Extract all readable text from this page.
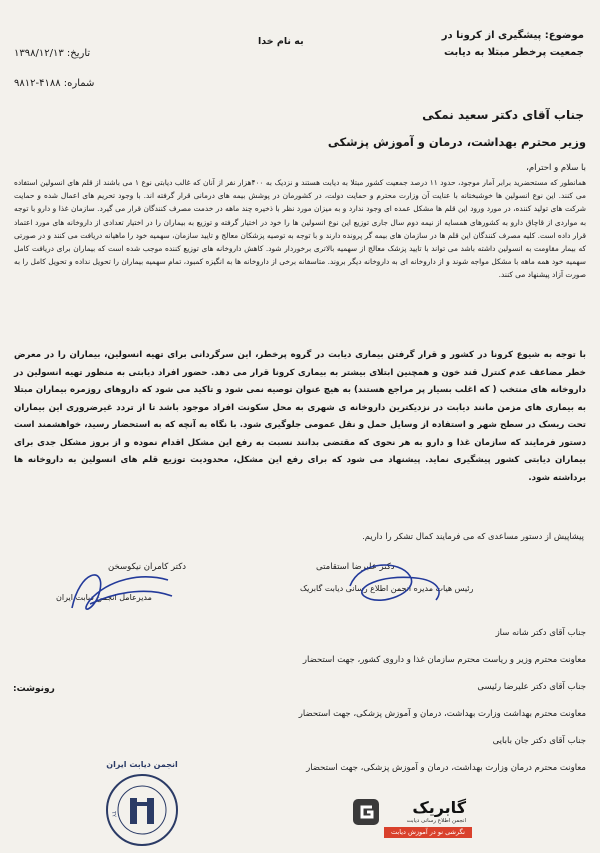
موضوع: پیشگیری از کرونا در
جمعیت پرخطر مبتلا به دیابت
به نام خدا
تاریخ: ۱۳۹۸/۱۲/۱۳
شماره: ۴۱۸۸-۹۸۱۲
جناب آقای دکتر سعید نمکی
وزیر محترم بهداشت، درمان و آموزش پزشکی
با سلام و احترام،
همانطور که مستحضرید برابر آمار موجود، حدود ۱۱ درصد جمعیت کشور مبتلا به دیابت هستند و نزدیک به ۴۰۰هزار نفر از آنان که غالب دیابتی نوع ۱ می باشند از قلم های انسولین استفاده می کنند. این نوع انسولین ها خوشبختانه با عنایت آن وزارت محترم و حمایت دولت، در کشورمان در پوشش بیمه های درمانی قرار گرفته اند. با وجود تحریم های اعمال شده و حمایت شرکت های تولید کننده، در مورد ورود این قلم ها مشکل عمده ای وجود ندارد و به میزان مورد نظر با ذخیره چند ماهه در خدمت مصرف کنندگان قرار می گیرد. سازمان غذا و دارو با توجه به مواردی از قاچاق دارو به کشورهای همسایه از نیمه دوم سال جاری توزیع این نوع انسولین ها را خود در اختیار گرفته و توزیع به بیماران را در اختیار تعدادی از داروخانه های مورد اعتماد قرار داده است. کلیه مصرف کنندگان این قلم ها در سازمان های بیمه گر پرونده دارند و با توجه به توصیه پزشکان معالج و تایید سازمان، سهمیه خود را ماهیانه دریافت می کنند و در صورتی که بیمار مقاومت به انسولین داشته باشد می تواند با تایید پزشک معالج از سهمیه بالاتری برخوردار شود. کاهش داروخانه های توزیع کننده موجب شده است که بیماران برای دریافت کامل سهمیه خود همه ماهه با مشکل مواجه شوند و از داروخانه ای به داروخانه دیگر بروند. متاسفانه برخی از داروخانه ها به انگیزه کمبود، تمام سهمیه بیماران را تحویل نداده و تحویل کامل را به صورت آزاد پیشنهاد می کنند.
با توجه به شیوع کرونا در کشور و قرار گرفتن بیماری دیابت در گروه پرخطر، این سرگردانی برای تهیه انسولین، بیماران را در معرض خطر مضاعف عدم کنترل قند خون و همچنین ابتلای بیشتر به بیماری کرونا قرار می دهد. حضور افراد دیابتی به منظور تهیه انسولین در داروخانه های منتخب ( که اغلب بسیار پر مراجع هستند) به هیچ عنوان توصیه نمی شود و تاکید می شود که داروهای روزمره بیماران مبتلا به بیماری های مزمن مانند دیابت در نزدیکترین داروخانه ی شهری به محل سکونت افراد موجود باشد تا از تردد غیرضروری این بیماران تحت ریسک در سطح شهر و استفاده از وسایل حمل و نقل عمومی جلوگیری شود. با نگاه به آنچه که به استحضار رسید، خواهشمند است دستور فرمایند که سازمان غذا و دارو به هر نحوی که مقتضی بدانند نسبت به رفع این مشکل اقدام نموده و از بروز مشکل جدی برای بیماران دیابتی کشور پیشگیری نماید. پیشنهاد می شود که برای رفع این مشکل، محدودیت توزیع قلم های انسولین به داروخانه ها برداشته شود.
پیشاپیش از دستور مساعدی که می فرمایند کمال تشکر را داریم.
دکتر کامران نیکوسخن
مدیرعامل انجمن دیابت ایران
دکتر علیرضا استقامتی
رئیس هیات مدیره انجمن اطلاع رسانی دیابت گابریک
رونوشت:
جناب آقای دکتر شانه ساز
معاونت محترم وزیر و ریاست محترم سازمان غذا و داروی کشور، جهت استحضار
جناب آقای دکتر علیرضا رئیسی
معاونت محترم بهداشت وزارت بهداشت، درمان و آموزش پزشکی، جهت استحضار
جناب آقای دکتر جان بابایی
معاونت محترم درمان وزارت بهداشت، درمان و آموزش پزشکی، جهت استحضار
انجمن دیابت ایران
TY	گابریک
انجمن اطلاع رسانی دیابت
نگرشی نو در آموزش دیابت
